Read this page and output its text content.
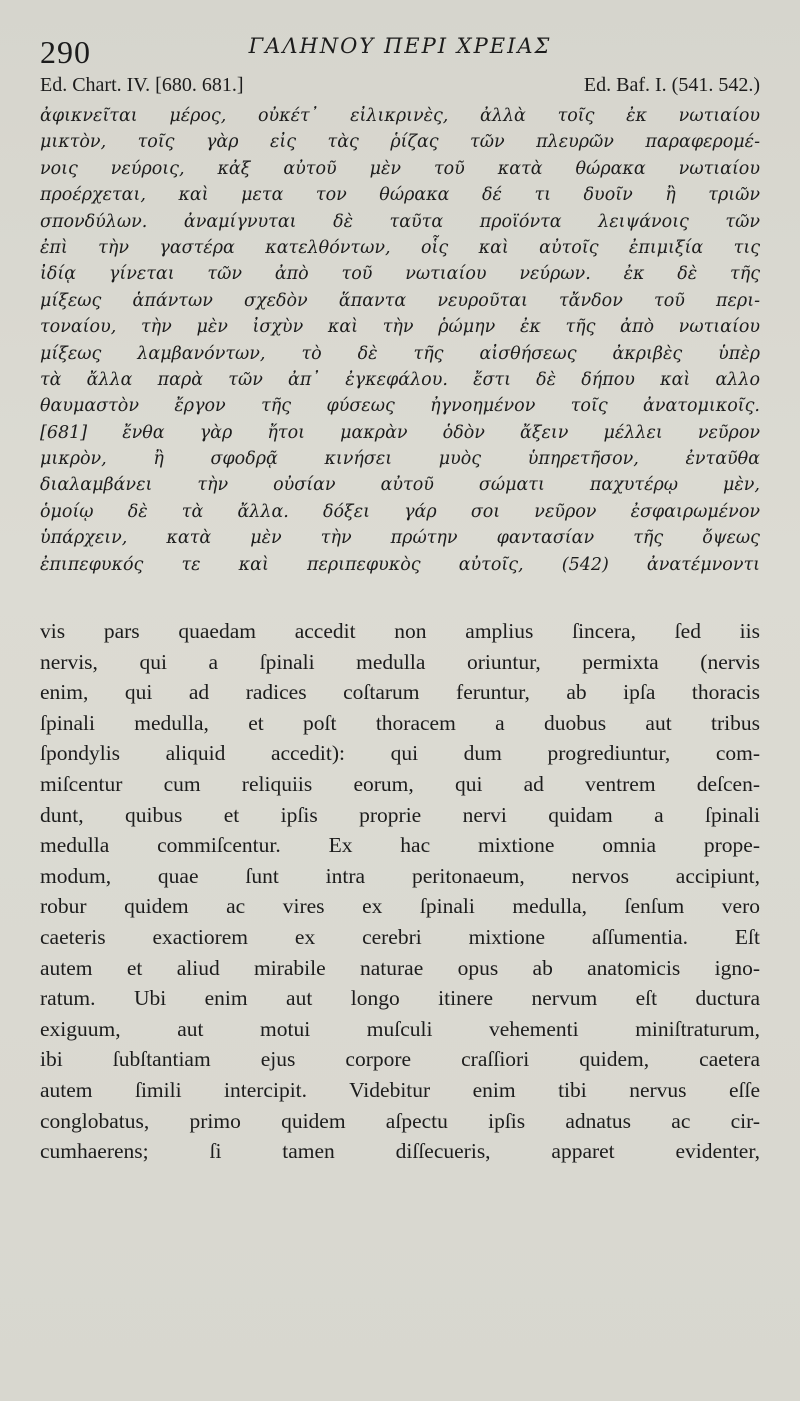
290	ΓΑΛΗΝΟΥ ΠΕΡΙ ΧΡΕΙΑΣ
Ed. Chart. IV. [680. 681.]	Ed. Baf. I. (541. 542.)
ἀφικνεῖται μέρος, οὐκέτ᾽ εἰλικρινὲς, ἀλλὰ τοῖς ἐκ νωτιαίου
μικτὸν, τοῖς γὰρ εἰς τὰς ῥίζας τῶν πλευρῶν παραφερομέ-
νοις νεύροις, κἀξ αὐτοῦ μὲν τοῦ κατὰ θώρακα νωτιαίου
προέρχεται, καὶ μετα τον θώρακα δέ τι δυοῖν ἢ τριῶν
σπονδύλων. ἀναμίγνυται δὲ ταῦτα προϊόντα λειψάνοις τῶν
ἐπὶ τὴν γαστέρα κατελθόντων, οἷς καὶ αὐτοῖς ἐπιμιξία τις
ἰδίᾳ γίνεται τῶν ἀπὸ τοῦ νωτιαίου νεύρων. ἐκ δὲ τῆς
μίξεως ἁπάντων σχεδὸν ἅπαντα νευροῦται τἄνδον τοῦ περι-
τοναίου, τὴν μὲν ἰσχὺν καὶ τὴν ῥώμην ἐκ τῆς ἀπὸ νωτιαίου
μίξεως λαμβανόντων, τὸ δὲ τῆς αἰσθήσεως ἀκριβὲς ὑπὲρ
τὰ ἄλλα παρὰ τῶν ἀπ᾽ ἐγκεφάλου. ἔστι δὲ δήπου καὶ αλλο
θαυμαστὸν ἔργον τῆς φύσεως ἠγνοημένον τοῖς ἀνατομικοῖς.
[681] ἔνθα γὰρ ἤτοι μακρὰν ὁδὸν ἄξειν μέλλει νεῦρον
μικρὸν, ἢ σφοδρᾷ κινήσει μυὸς ὑπηρετῆσον, ἐνταῦθα
διαλαμβάνει τὴν οὐσίαν αὐτοῦ σώματι παχυτέρῳ μὲν,
ὁμοίῳ δὲ τὰ ἄλλα. δόξει γάρ σοι νεῦρον ἐσφαιρωμένον
ὑπάρχειν, κατὰ μὲν τὴν πρώτην φαντασίαν τῆς ὄψεως
ἐπιπεφυκός τε καὶ περιπεφυκὸς αὐτοῖς, (542) ἀνατέμνοντι
vis pars quaedam accedit non amplius ſincera, ſed iis
nervis, qui a ſpinali medulla oriuntur, permixta (nervis
enim, qui ad radices coſtarum feruntur, ab ipſa thoracis
ſpinali medulla, et poſt thoracem a duobus aut tribus
ſpondylis aliquid accedit): qui dum progrediuntur, com-
miſcentur cum reliquiis eorum, qui ad ventrem deſcen-
dunt, quibus et ipſis proprie nervi quidam a ſpinali
medulla commiſcentur. Ex hac mixtione omnia prope-
modum, quae ſunt intra peritonaeum, nervos accipiunt,
robur quidem ac vires ex ſpinali medulla, ſenſum vero
caeteris exactiorem ex cerebri mixtione aſſumentia. Eſt
autem et aliud mirabile naturae opus ab anatomicis igno-
ratum. Ubi enim aut longo itinere nervum eſt ductura
exiguum, aut motui muſculi vehementi miniſtraturum,
ibi ſubſtantiam ejus corpore craſſiori quidem, caetera
autem ſimili intercipit. Videbitur enim tibi nervus eſſe
conglobatus, primo quidem aſpectu ipſis adnatus ac cir-
cumhaerens; ſi tamen diſſecueris, apparet evidenter,
